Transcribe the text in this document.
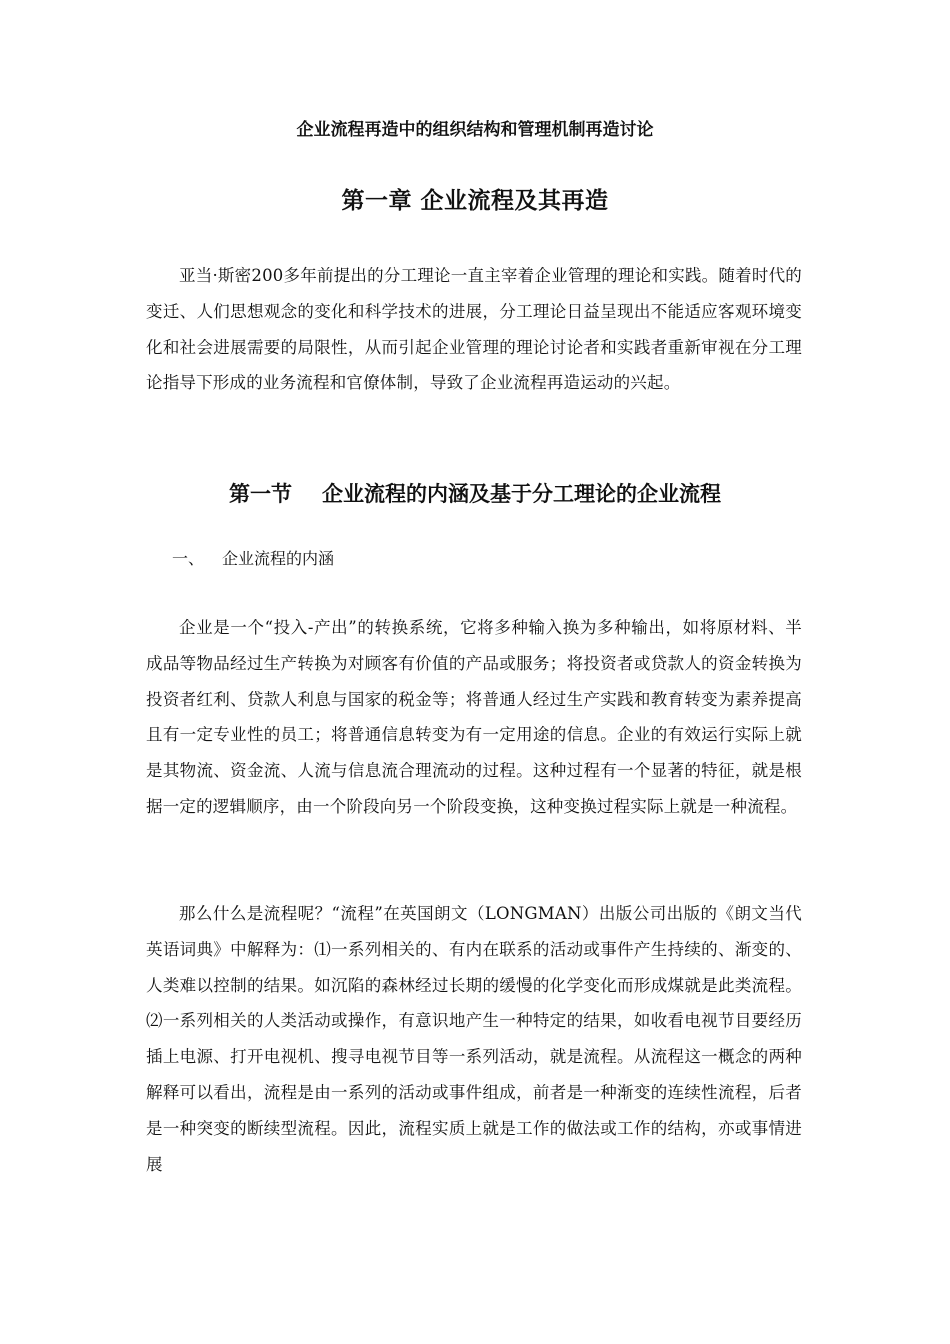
企业流程再造中的组织结构和管理机制再造讨论
第一章 企业流程及其再造

亚当·斯密200多年前提出的分工理论一直主宰着企业管理的理论和实践。随着时代的变迁、人们思想观念的变化和科学技术的进展，分工理论日益呈现出不能适应客观环境变化和社会进展需要的局限性，从而引起企业管理的理论讨论者和实践者重新审视在分工理论指导下形成的业务流程和官僚体制，导致了企业流程再造运动的兴起。

第一节 企业流程的内涵及基于分工理论的企业流程

一、 企业流程的内涵

企业是一个“投入-产出”的转换系统，它将多种输入换为多种输出，如将原材料、半成品等物品经过生产转换为对顾客有价值的产品或服务；将投资者或贷款人的资金转换为投资者红利、贷款人利息与国家的税金等；将普通人经过生产实践和教育转变为素养提高且有一定专业性的员工；将普通信息转变为有一定用途的信息。企业的有效运行实际上就是其物流、资金流、人流与信息流合理流动的过程。这种过程有一个显著的特征，就是根据一定的逻辑顺序，由一个阶段向另一个阶段变换，这种变换过程实际上就是一种流程。

那么什么是流程呢？“流程”在英国朗文（LONGMAN）出版公司出版的《朗文当代英语词典》中解释为：⑴一系列相关的、有内在联系的活动或事件产生持续的、渐变的、人类难以控制的结果。如沉陷的森林经过长期的缓慢的化学变化而形成煤就是此类流程。⑵一系列相关的人类活动或操作，有意识地产生一种特定的结果，如收看电视节目要经历插上电源、打开电视机、搜寻电视节目等一系列活动，就是流程。从流程这一概念的两种解释可以看出，流程是由一系列的活动或事件组成，前者是一种渐变的连续性流程，后者是一种突变的断续型流程。因此，流程实质上就是工作的做法或工作的结构，亦或事情进展
